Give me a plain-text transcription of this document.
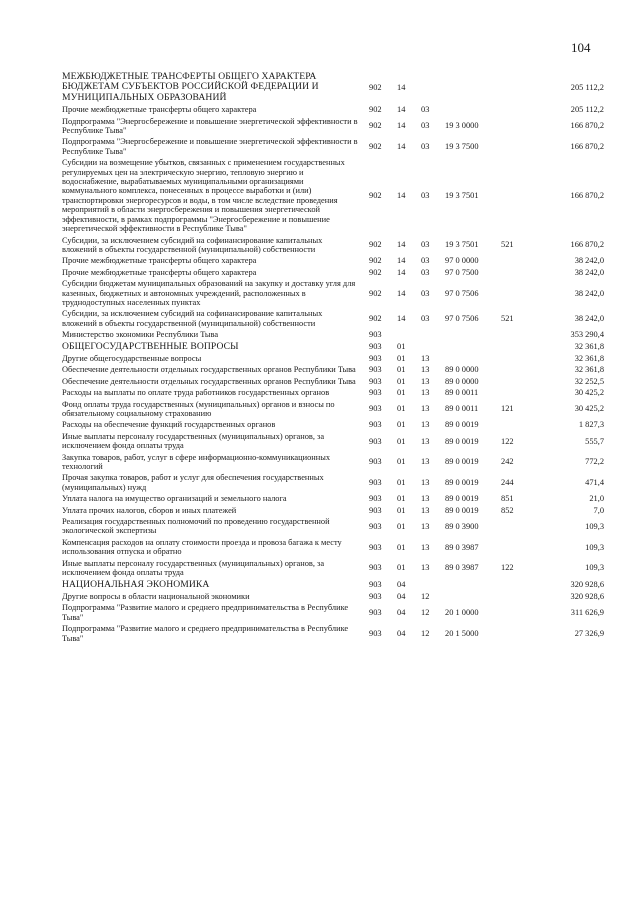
104
МЕЖБЮДЖЕТНЫЕ ТРАНСФЕРТЫ ОБЩЕГО ХАРАКТЕРА БЮДЖЕТАМ СУБЪЕКТОВ РОССИЙСКОЙ ФЕДЕРАЦИИ И МУНИЦИПАЛЬНЫХ ОБРАЗОВАНИЙ	902	14				205 112,2
Прочие межбюджетные трансферты общего характера	902	14	03			205 112,2
Подпрограмма "Энергосбережение и повышение энергетической эффективности в Республике Тыва"	902	14	03	19 3 0000		166 870,2
Подпрограмма "Энергосбережение и повышение энергетической эффективности в Республике Тыва"	902	14	03	19 3 7500		166 870,2
Субсидии на возмещение убытков, связанных с применением государственных регулируемых цен на электрическую энергию, тепловую энергию и водоснабжение, вырабатываемых муниципальными организациями коммунального комплекса, понесенных в процессе выработки и (или) транспортировки энергоресурсов и воды, в том числе вследствие проведения мероприятий в области энергосбережения и повышения энергетической эффективности, в рамках подпрограммы "Энергосбережение и повышение энергетической эффективности в Республике Тыва"	902	14	03	19 3 7501		166 870,2
Субсидии, за исключением субсидий на софинансирование капитальных вложений в объекты государственной (муниципальной) собственности	902	14	03	19 3 7501	521	166 870,2
Прочие межбюджетные трансферты общего характера	902	14	03	97 0 0000		38 242,0
Прочие межбюджетные трансферты общего характера	902	14	03	97 0 7500		38 242,0
Субсидии бюджетам муниципальных образований на закупку и доставку угля для казенных, бюджетных и автономных учреждений, расположенных в труднодоступных населенных пунктах	902	14	03	97 0 7506		38 242,0
Субсидии, за исключением субсидий на софинансирование капитальных вложений в объекты государственной (муниципальной) собственности	902	14	03	97 0 7506	521	38 242,0
Министерство экономики Республики Тыва	903					353 290,4
ОБЩЕГОСУДАРСТВЕННЫЕ ВОПРОСЫ	903	01				32 361,8
Другие общегосударственные вопросы	903	01	13			32 361,8
Обеспечение деятельности отдельных государственных органов Республики Тыва	903	01	13	89 0 0000		32 361,8
Обеспечение деятельности отдельных государственных органов Республики Тыва	903	01	13	89 0 0000		32 252,5
Расходы на выплаты по оплате труда работников государственных органов	903	01	13	89 0 0011		30 425,2
Фонд оплаты труда государственных (муниципальных) органов и взносы по обязательному социальному страхованию	903	01	13	89 0 0011	121	30 425,2
Расходы на обеспечение функций государственных органов	903	01	13	89 0 0019		1 827,3
Иные выплаты персоналу государственных (муниципальных) органов, за исключением фонда оплаты труда	903	01	13	89 0 0019	122	555,7
Закупка товаров, работ, услуг в сфере информационно-коммуникационных технологий	903	01	13	89 0 0019	242	772,2
Прочая закупка товаров, работ и услуг для обеспечения государственных (муниципальных) нужд	903	01	13	89 0 0019	244	471,4
Уплата налога на имущество организаций и земельного налога	903	01	13	89 0 0019	851	21,0
Уплата прочих налогов, сборов и иных платежей	903	01	13	89 0 0019	852	7,0
Реализация государственных полномочий по проведению государственной экологической экспертизы	903	01	13	89 0 3900		109,3
Компенсация расходов на оплату стоимости проезда и провоза багажа к месту использования отпуска и обратно	903	01	13	89 0 3987		109,3
Иные выплаты персоналу государственных (муниципальных) органов, за исключением фонда оплаты труда	903	01	13	89 0 3987	122	109,3
НАЦИОНАЛЬНАЯ ЭКОНОМИКА	903	04				320 928,6
Другие вопросы в области национальной экономики	903	04	12			320 928,6
Подпрограмма "Развитие малого и среднего предпринимательства в Республике Тыва"	903	04	12	20 1 0000		311 626,9
Подпрограмма "Развитие малого и среднего предпринимательства в Республике Тыва"	903	04	12	20 1 5000		27 326,9
